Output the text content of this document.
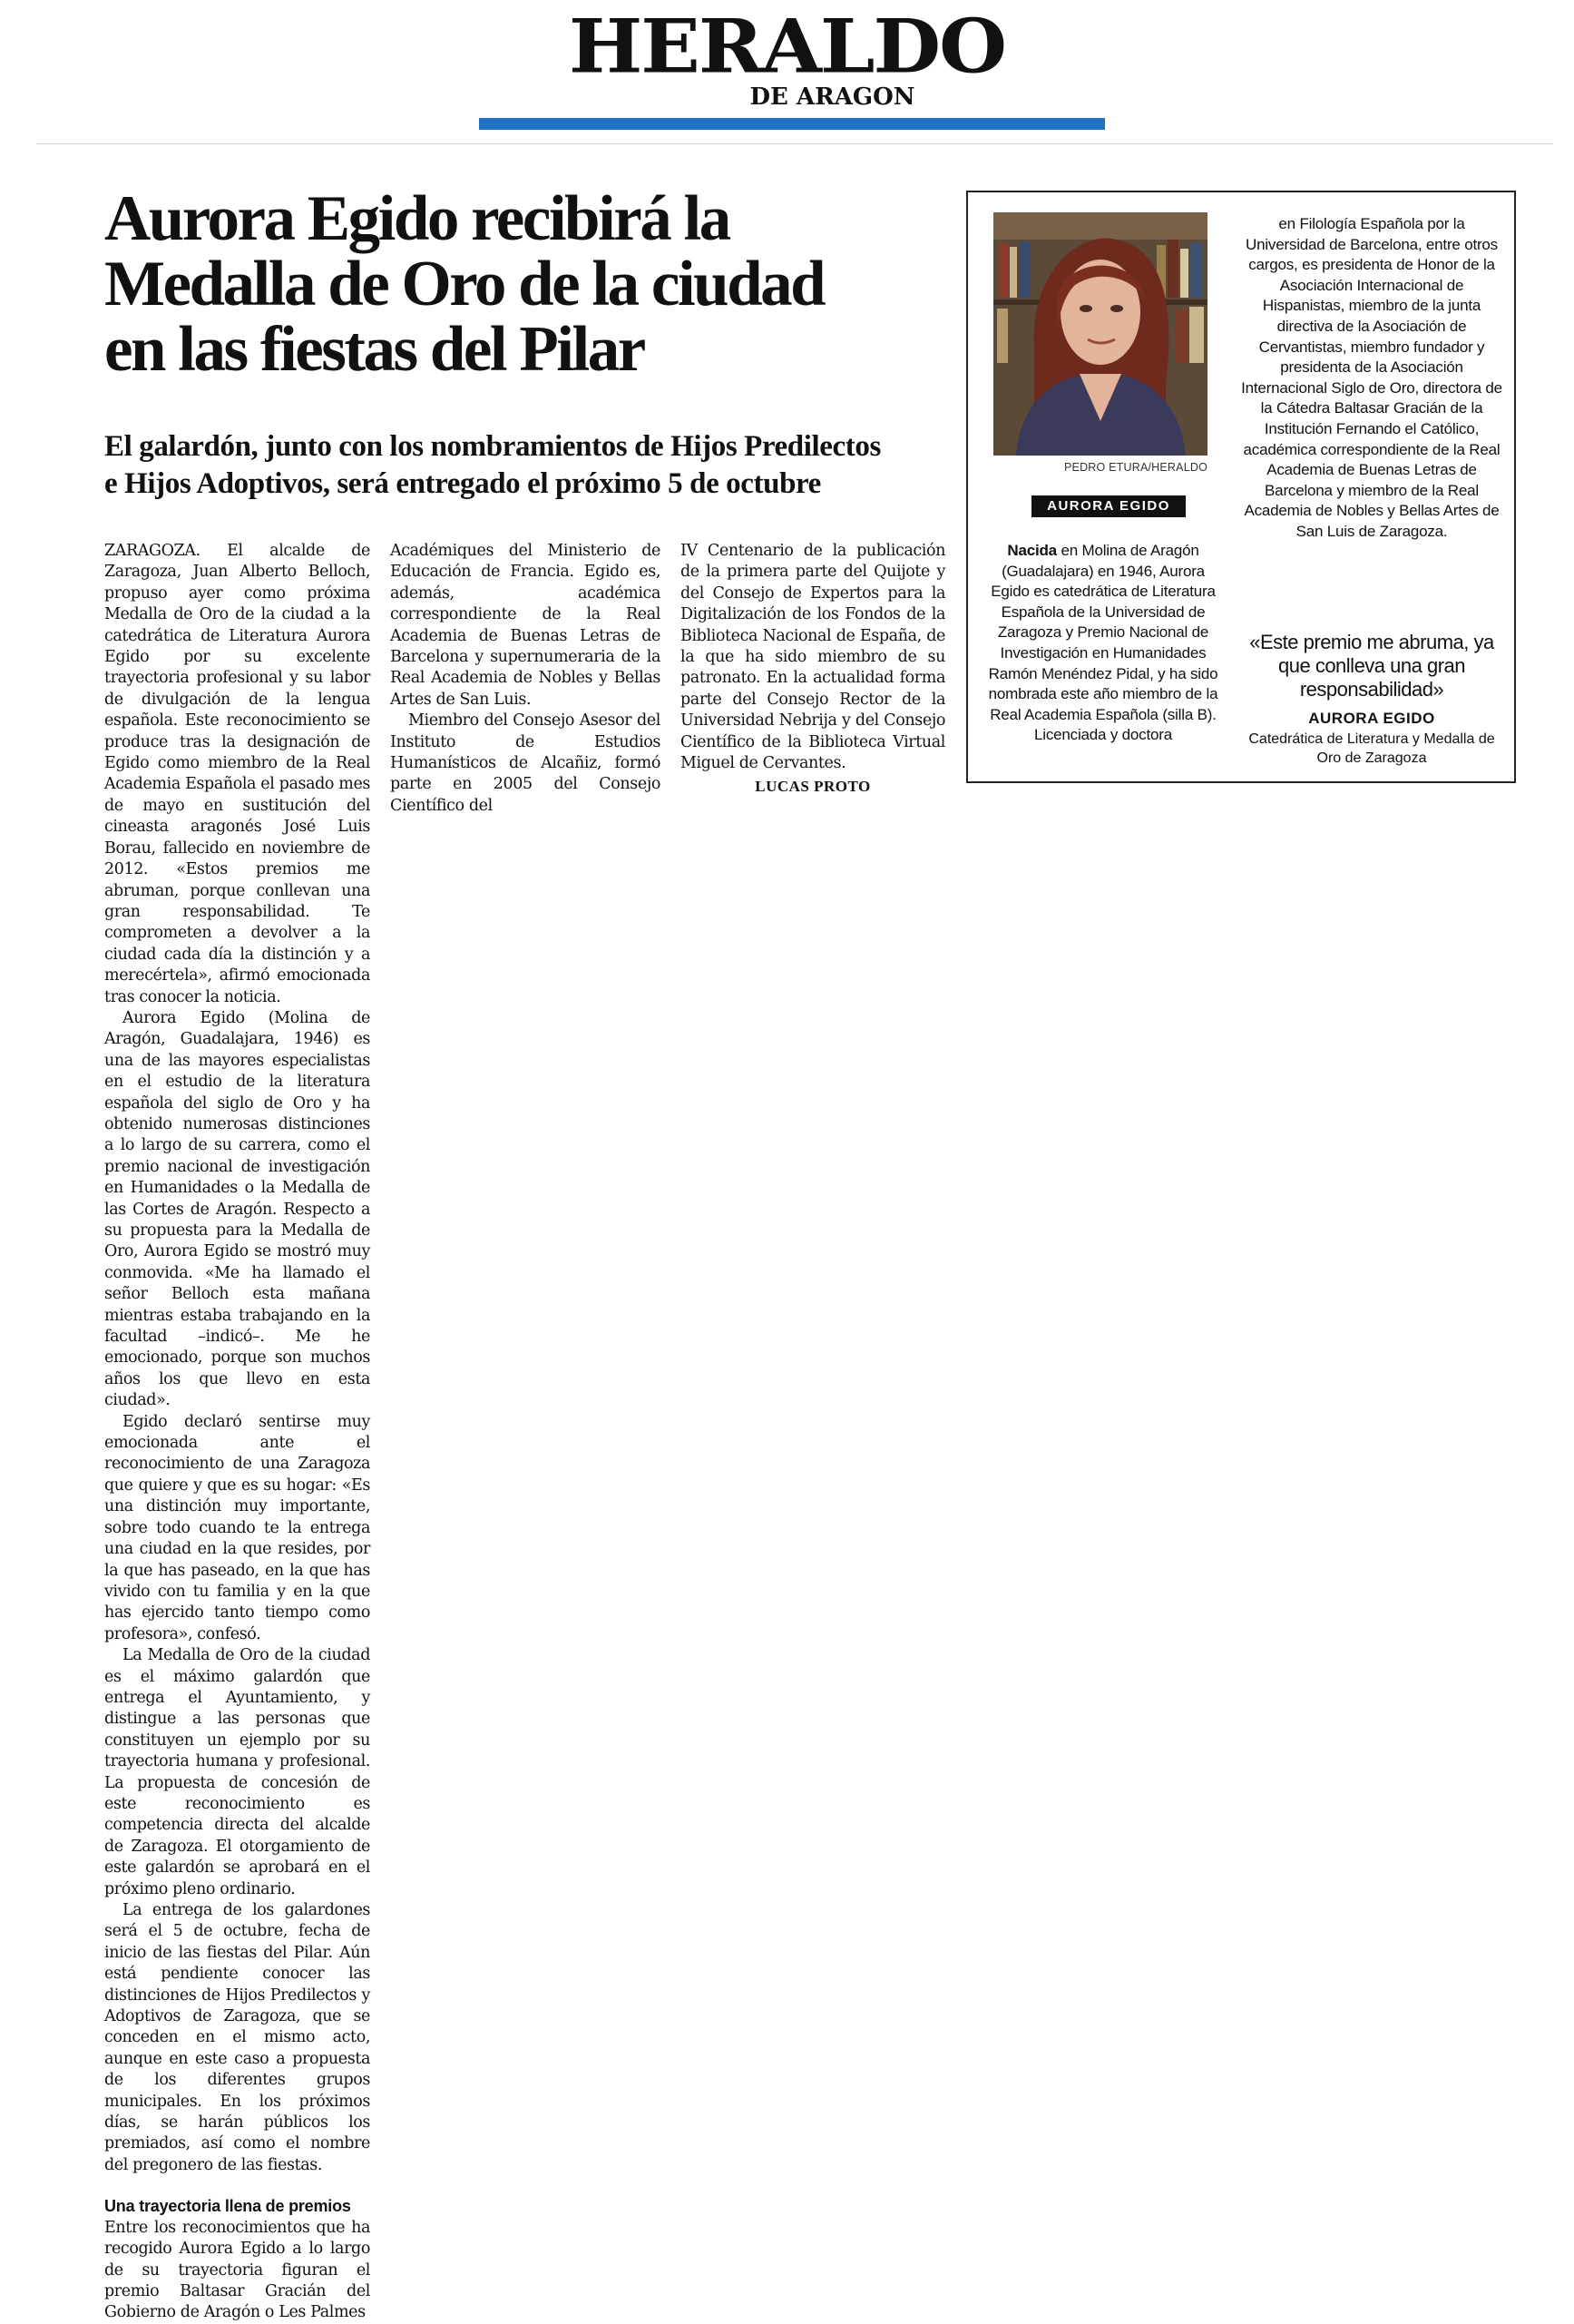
HERALDO
DE ARAGON
Aurora Egido recibirá la
Medalla de Oro de la ciudad
en las fiestas del Pilar
El galardón, junto con los nombramientos de Hijos Predilectos
e Hijos Adoptivos, será entregado el próximo 5 de octubre

ZARAGOZA. El alcalde de Zaragoza, Juan Alberto Belloch, propuso ayer como próxima Medalla de Oro de la ciudad a la catedrática de Literatura Aurora Egido por su excelente trayectoria profesional y su labor de divulgación de la lengua española. Este reconocimiento se produce tras la designación de Egido como miembro de la Real Academia Española el pasado mes de mayo en sustitución del cineasta aragonés José Luis Borau, fallecido en noviembre de 2012. «Estos premios me abruman, porque conllevan una gran responsabilidad. Te comprometen a devolver a la ciudad cada día la distinción y a merecértela», afirmó emocionada tras conocer la noticia.

Aurora Egido (Molina de Aragón, Guadalajara, 1946) es una de las mayores especialistas en el estudio de la literatura española del siglo de Oro y ha obtenido numerosas distinciones a lo largo de su carrera, como el premio nacional de investigación en Humanidades o la Medalla de las Cortes de Aragón. Respecto a su propuesta para la Medalla de Oro, Aurora Egido se mostró muy conmovida. «Me ha llamado el señor Belloch esta mañana mientras estaba trabajando en la facultad –indicó–. Me he emocionado, porque son muchos años los que llevo en esta ciudad».

Egido declaró sentirse muy emocionada ante el reconocimiento de una Zaragoza que quiere y que es su hogar: «Es una distinción muy importante, sobre todo cuando te la entrega una ciudad en la que resides, por la que has paseado, en la que has vivido con tu familia y en la que has ejercido tanto tiempo como profesora», confesó.

La Medalla de Oro de la ciudad es el máximo galardón que entrega el Ayuntamiento, y distingue a las personas que constituyen un ejemplo por su trayectoria humana y profesional. La propuesta de concesión de este reconocimiento es competencia directa del alcalde de Zaragoza. El otorgamiento de este galardón se aprobará en el próximo pleno ordinario.

La entrega de los galardones será el 5 de octubre, fecha de inicio de las fiestas del Pilar. Aún está pendiente conocer las distinciones de Hijos Predilectos y Adoptivos de Zaragoza, que se conceden en el mismo acto, aunque en este caso a propuesta de los diferentes grupos municipales. En los próximos días, se harán públicos los premiados, así como el nombre del pregonero de las fiestas.

Una trayectoria llena de premios

Entre los reconocimientos que ha recogido Aurora Egido a lo largo de su trayectoria figuran el premio Baltasar Gracián del Gobierno de Aragón o Les Palmes

Académiques del Ministerio de Educación de Francia. Egido es, además, académica correspondiente de la Real Academia de Buenas Letras de Barcelona y supernumeraria de la Real Academia de Nobles y Bellas Artes de San Luis.

Miembro del Consejo Asesor del Instituto de Estudios Humanísticos de Alcañiz, formó parte en 2005 del Consejo Científico del

IV Centenario de la publicación de la primera parte del Quijote y del Consejo de Expertos para la Digitalización de los Fondos de la Biblioteca Nacional de España, de la que ha sido miembro de su patronato. En la actualidad forma parte del Consejo Rector de la Universidad Nebrija y del Consejo Científico de la Biblioteca Virtual Miguel de Cervantes.

LUCAS PROTO
PEDRO ETURA/HERALDO
AURORA EGIDO
Nacida en Molina de Aragón (Guadalajara) en 1946, Aurora Egido es catedrática de Literatura Española de la Universidad de Zaragoza y Premio Nacional de Investigación en Humanidades Ramón Menéndez Pidal, y ha sido nombrada este año miembro de la Real Academia Española (silla B). Licenciada y doctora
en Filología Española por la Universidad de Barcelona, entre otros cargos, es presidenta de Honor de la Asociación Internacional de Hispanistas, miembro de la junta directiva de la Asociación de Cervantistas, miembro fundador y presidenta de la Asociación Internacional Siglo de Oro, directora de la Cátedra Baltasar Gracián de la Institución Fernando el Católico, académica correspondiente de la Real Academia de Buenas Letras de Barcelona y miembro de la Real Academia de Nobles y Bellas Artes de San Luis de Zaragoza.
«Este premio me abruma, ya que conlleva una gran responsabilidad»
AURORA EGIDO
Catedrática de Literatura y Medalla de Oro de Zaragoza
